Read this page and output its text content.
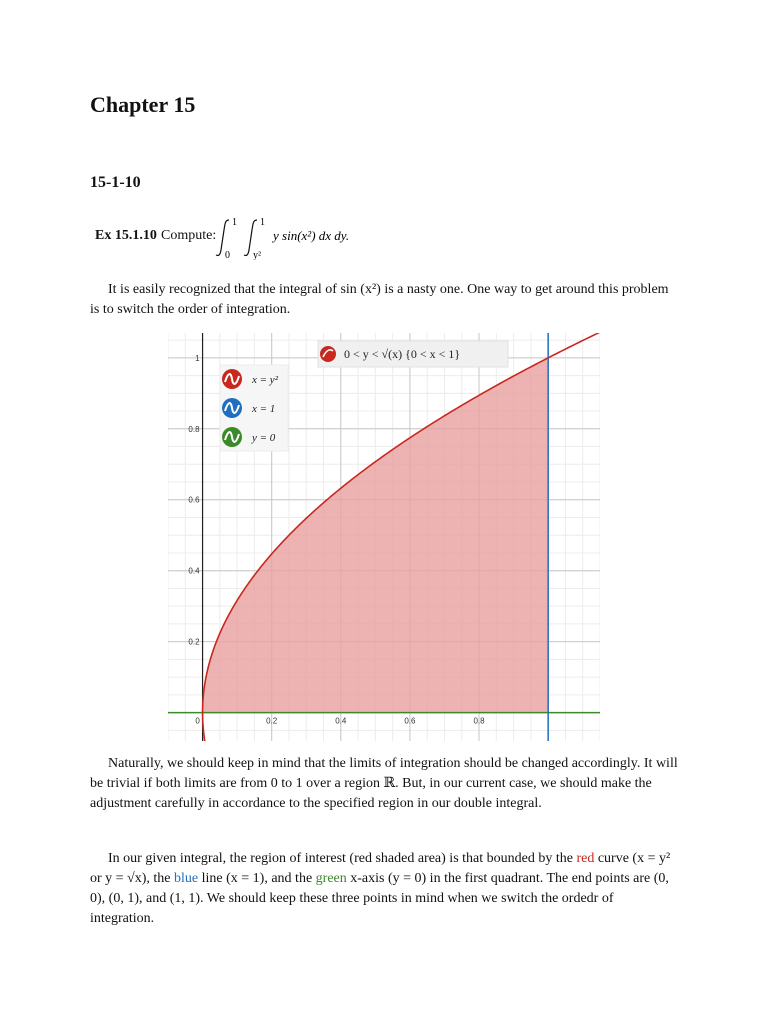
Chapter 15
15-1-10
Ex 15.1.10 Compute:
1
0
1
y²
y sin(x²) dx dy.

It is easily recognized that the integral of sin (x²) is a nasty one. One way to get around this problem is to switch the order of integration.

0	0.2	0.4	0.6	0.8
0.2
0.4
0.6
0.8
1	0 < y < √(x) {0 < x < 1}
x = y²
x = 1
y = 0

Naturally, we should keep in mind that the limits of integration should be changed accordingly. It will be trivial if both limits are from 0 to 1 over a region ℝ. But, in our current case, we should make the adjustment carefully in accordance to the specified region in our double integral.

In our given integral, the region of interest (red shaded area) is that bounded by the red curve (x = y² or y = √x), the blue line (x = 1), and the green x-axis (y = 0) in the first quadrant. The end points are (0, 0), (0, 1), and (1, 1). We should keep these three points in mind when we switch the ordedr of integration.
